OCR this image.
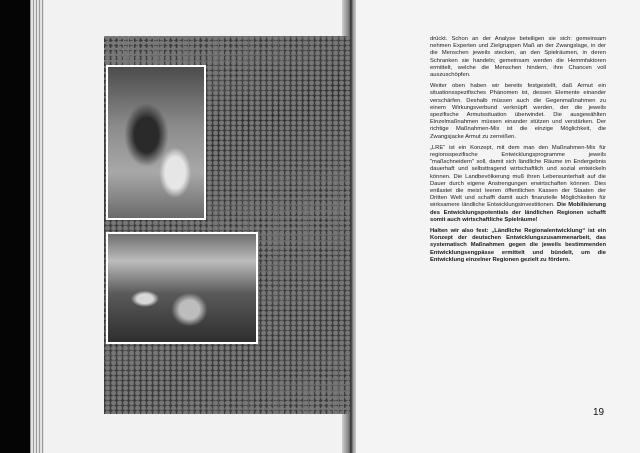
drückt. Schon an der Analyse beteiligen sie sich: gemeinsam nehmen Experten und Zielgruppen Maß an der Zwangslage, in der die Menschen jeweils stecken, an den Spielräumen, in deren Schranken sie handeln; gemeinsam werden die Hemmfaktoren ermittelt, welche die Menschen hindern, ihre Chancen voll auszuschöpfen.

Weiter oben haben wir bereits festgestellt, daß Armut ein situationsspezifisches Phänomen ist, dessen Elemente einander verschärfen. Deshalb müssen auch die Gegenmaßnahmen zu einem Wirkungsverbund verknüpft werden, der die jeweils spezifische Armutssituation überwindet. Die ausgewählten Einzelmaßnahmen müssen einander stützen und verstärken. Der richtige Maßnahmen-Mix ist die einzige Möglichkeit, die Zwangsjacke Armut zu zerreißen.

„LRE“ ist ein Konzept, mit dem man den Maßnahmen-Mix für regionsspezifische Entwicklungsprogramme jeweils "maßschneidern" soll, damit sich ländliche Räume im Endergebnis dauerhaft und selbsttragend wirtschaftlich und sozial entwickeln können. Die Landbevölkerung muß ihren Lebensunterhalt auf die Dauer durch eigene Anstrengungen erwirtschaften können. Dies entlastet die meist leeren öffentlichen Kassen der Staaten der Dritten Welt und schafft damit auch finanzielle Möglichkeiten für wirksamere ländliche Entwicklungsinvestitionen. Die Mobilisierung des Entwicklungspotentials der ländlichen Regionen schafft somit auch wirtschaftliche Spielräume!

Halten wir also fest: „Ländliche Regionalentwicklung“ ist ein Konzept der deutschen Entwicklungszusammenarbeit, das systematisch Maßnahmen gegen die jeweils bestimmenden Entwicklungsengpässe ermittelt und bündelt, um die Entwicklung einzelner Regionen gezielt zu fördern.

19
